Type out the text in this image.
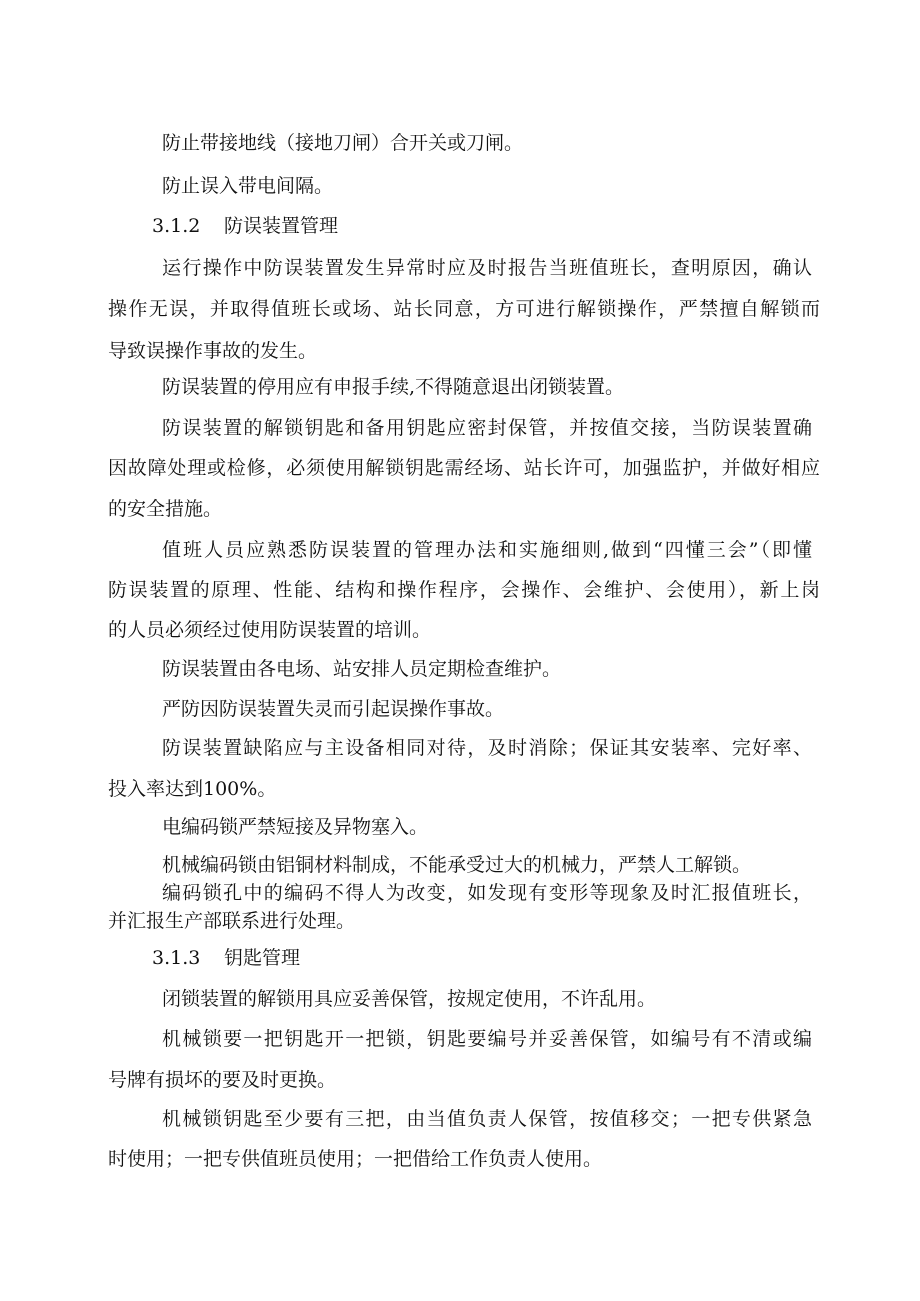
防止带接地线（接地刀闸）合开关或刀闸。
防止误入带电间隔。
3.1.2 防误装置管理
运行操作中防误装置发生异常时应及时报告当班值班长，查明原因，确认
操作无误，并取得值班长或场、站长同意，方可进行解锁操作，严禁擅自解锁而
导致误操作事故的发生。
防误装置的停用应有申报手续,不得随意退出闭锁装置。
防误装置的解锁钥匙和备用钥匙应密封保管，并按值交接，当防误装置确
因故障处理或检修，必须使用解锁钥匙需经场、站长许可，加强监护，并做好相应
的安全措施。
值班人员应熟悉防误装置的管理办法和实施细则,做到“四懂三会”（即懂
防误装置的原理、性能、结构和操作程序，会操作、会维护、会使用），新上岗
的人员必须经过使用防误装置的培训。
防误装置由各电场、站安排人员定期检查维护。
严防因防误装置失灵而引起误操作事故。
防误装置缺陷应与主设备相同对待，及时消除；保证其安装率、完好率、
投入率达到100%。
电编码锁严禁短接及异物塞入。
机械编码锁由铝铜材料制成，不能承受过大的机械力，严禁人工解锁。
编码锁孔中的编码不得人为改变，如发现有变形等现象及时汇报值班长，
并汇报生产部联系进行处理。
3.1.3 钥匙管理
闭锁装置的解锁用具应妥善保管，按规定使用，不许乱用。
机械锁要一把钥匙开一把锁，钥匙要编号并妥善保管，如编号有不清或编
号牌有损坏的要及时更换。
机械锁钥匙至少要有三把，由当值负责人保管，按值移交；一把专供紧急
时使用；一把专供值班员使用；一把借给工作负责人使用。
